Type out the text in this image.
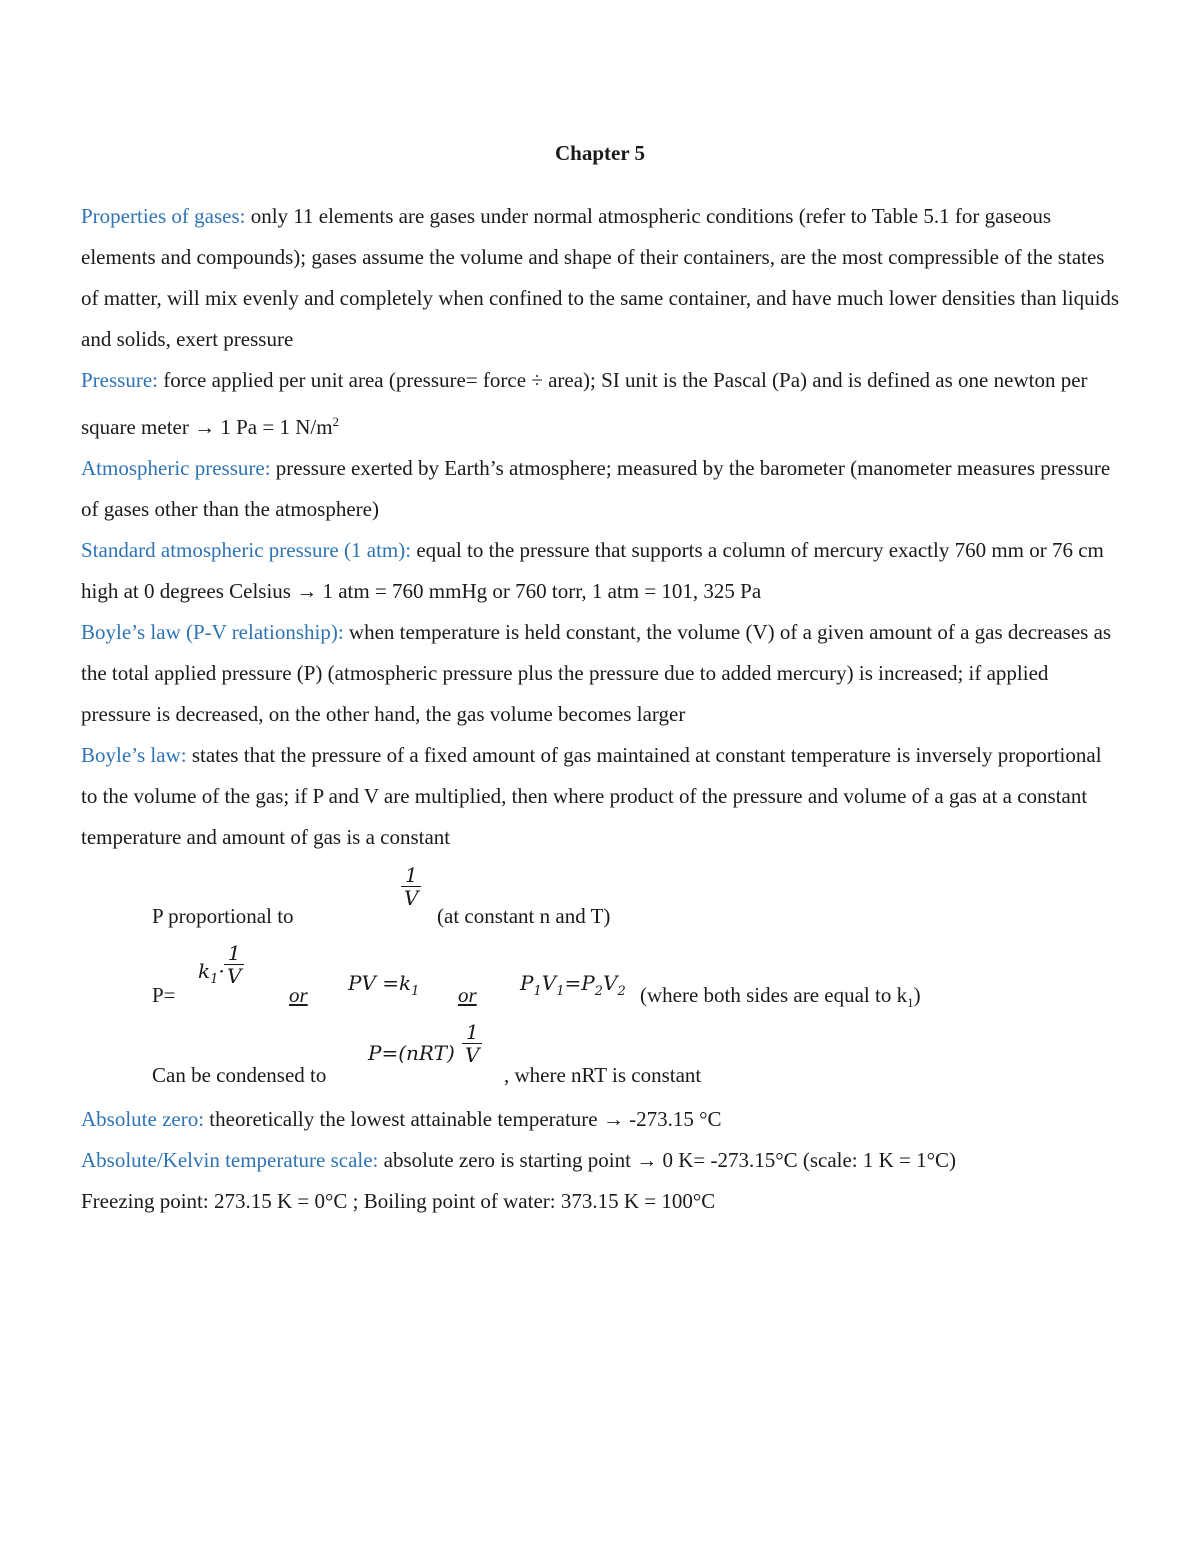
Chapter 5

Properties of gases: only 11 elements are gases under normal atmospheric conditions (refer to Table 5.1 for gaseous elements and compounds); gases assume the volume and shape of their containers, are the most compressible of the states of matter, will mix evenly and completely when confined to the same container, and have much lower densities than liquids and solids, exert pressure

Pressure: force applied per unit area (pressure= force ÷ area); SI unit is the Pascal (Pa) and is defined as one newton per square meter → 1 Pa = 1 $N/m^2$

Atmospheric pressure: pressure exerted by Earth’s atmosphere; measured by the barometer (manometer measures pressure of gases other than the atmosphere)

Standard atmospheric pressure (1 atm): equal to the pressure that supports a column of mercury exactly 760 mm or 76 cm high at 0 degrees Celsius → 1 atm = 760 mmHg or 760 torr, 1 atm = 101, 325 Pa

Boyle’s law (P-V relationship): when temperature is held constant, the volume (V) of a given amount of a gas decreases as the total applied pressure (P) (atmospheric pressure plus the pressure due to added mercury) is increased; if applied pressure is decreased, on the other hand, the gas volume becomes larger

Boyle’s law: states that the pressure of a fixed amount of gas maintained at constant temperature is inversely proportional to the volume of the gas; if P and V are multiplied, then where product of the pressure and volume of a gas at a constant temperature and amount of gas is a constant

P proportional to
$\frac{1}{V}$
(at constant n and T)
P=
$k_1\cdot \frac{1}{V}$
or PV $=k_1$ or $P_1V_1=P_2V_2$ (where both sides are equal to $k_1$)
Can be condensed to
$P=(nRT) \frac{1}{V}$
, where nRT is constant

Absolute zero: theoretically the lowest attainable temperature → -273.15 °C

Absolute/Kelvin temperature scale: absolute zero is starting point → 0 K= -273.15°C (scale: 1 K = 1°C)

Freezing point: 273.15 K = 0°C ; Boiling point of water: 373.15 K = 100°C
